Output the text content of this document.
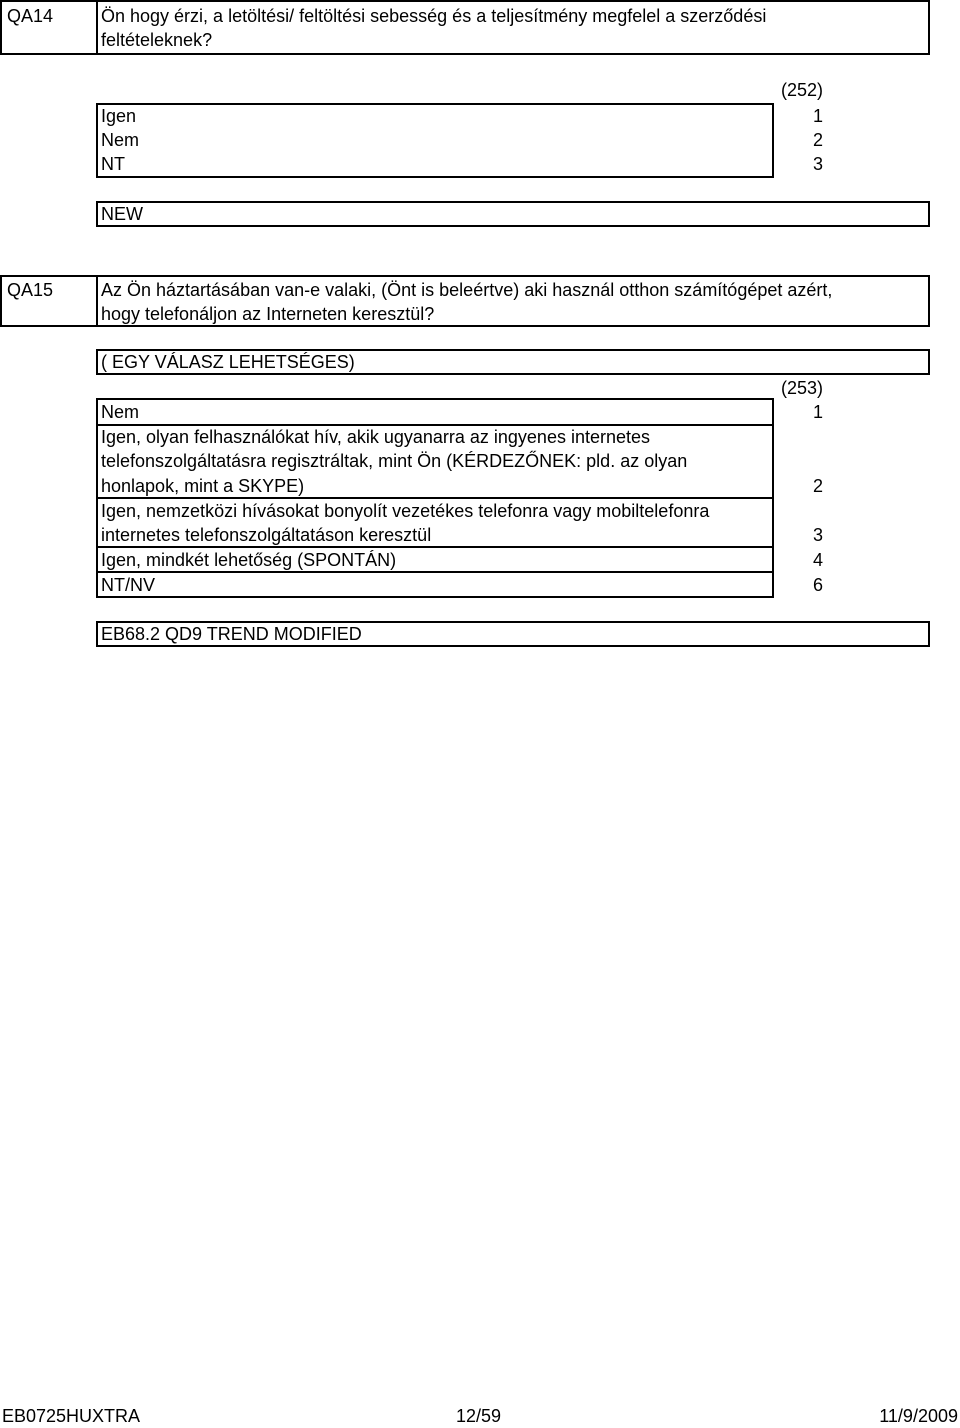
QA14	Ön hogy érzi, a letöltési/ feltöltési sebesség és a teljesítmény megfelel a szerződési
feltételeknek?
(252)
Igen	1
Nem	2
NT	3
NEW
QA15	Az Ön háztartásában van-e valaki, (Önt is beleértve) aki használ otthon számítógépet azért,
hogy telefonáljon az Interneten keresztül?
( EGY VÁLASZ LEHETSÉGES)
(253)
Nem	1
Igen, olyan felhasználókat hív, akik ugyanarra az ingyenes internetes
telefonszolgáltatásra regisztráltak, mint Ön (KÉRDEZŐNEK: pld. az olyan
honlapok, mint a SKYPE)	2
Igen, nemzetközi hívásokat bonyolít vezetékes telefonra vagy mobiltelefonra
internetes telefonszolgáltatáson keresztül	3
Igen, mindkét lehetőség (SPONTÁN)	4
NT/NV	6
EB68.2 QD9 TREND MODIFIED
EB0725HUXTRA	12/59	11/9/2009
